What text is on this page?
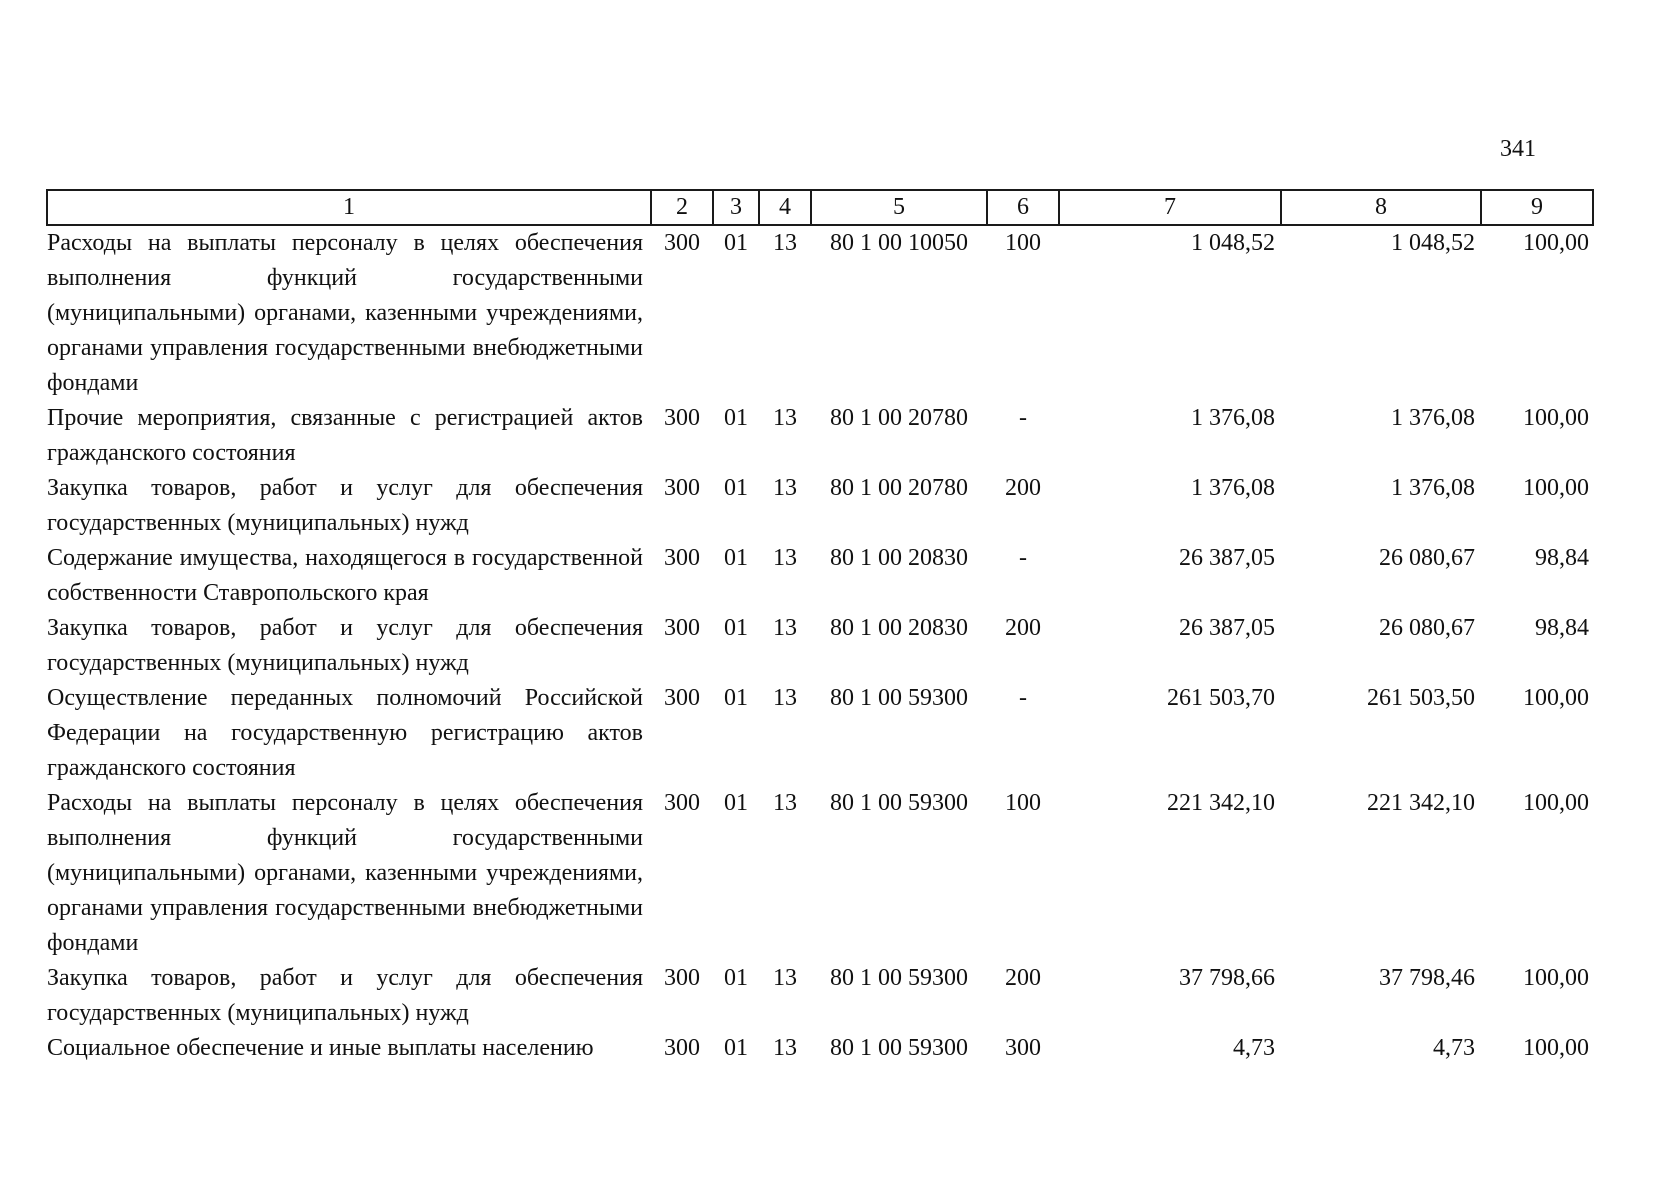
341
1	2	3	4	5	6	7	8	9
Расходы на выплаты персоналу в целях обеспечения выполнения функций государственными (муниципальными) органами, казенными учреждениями, органами управления государственными внебюджетными фондами	300	01	13	80 1 00 10050	100	1 048,52	1 048,52	100,00
Прочие мероприятия, связанные с регистрацией актов гражданского состояния	300	01	13	80 1 00 20780	-	1 376,08	1 376,08	100,00
Закупка товаров, работ и услуг для обеспечения государственных (муниципальных) нужд	300	01	13	80 1 00 20780	200	1 376,08	1 376,08	100,00
Содержание имущества, находящегося в государственной собственности Ставропольского края	300	01	13	80 1 00 20830	-	26 387,05	26 080,67	98,84
Закупка товаров, работ и услуг для обеспечения государственных (муниципальных) нужд	300	01	13	80 1 00 20830	200	26 387,05	26 080,67	98,84
Осуществление переданных полномочий Российской Федерации на государственную регистрацию актов гражданского состояния	300	01	13	80 1 00 59300	-	261 503,70	261 503,50	100,00
Расходы на выплаты персоналу в целях обеспечения выполнения функций государственными (муниципальными) органами, казенными учреждениями, органами управления государственными внебюджетными фондами	300	01	13	80 1 00 59300	100	221 342,10	221 342,10	100,00
Закупка товаров, работ и услуг для обеспечения государственных (муниципальных) нужд	300	01	13	80 1 00 59300	200	37 798,66	37 798,46	100,00
Социальное обеспечение и иные выплаты населению	300	01	13	80 1 00 59300	300	4,73	4,73	100,00
